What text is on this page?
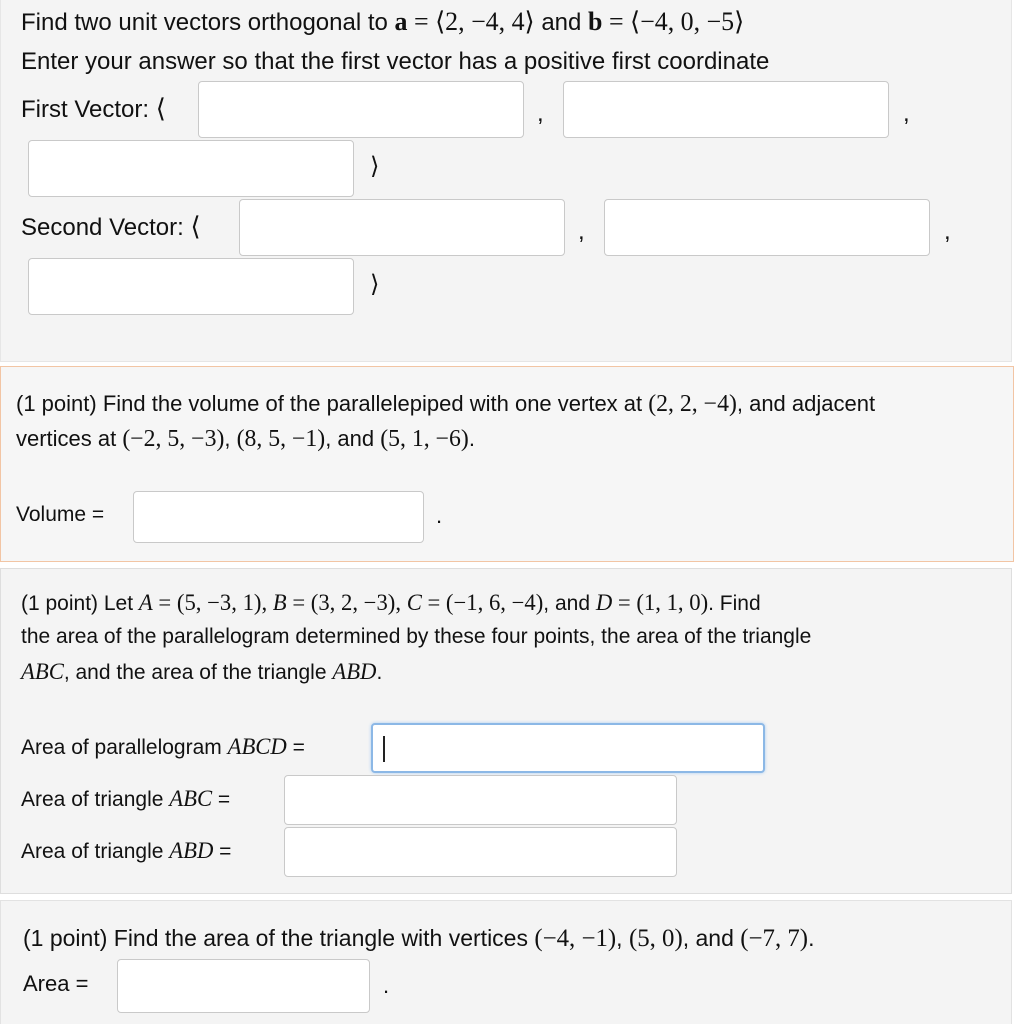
Find two unit vectors orthogonal to a = ⟨2, −4, 4⟩ and b = ⟨−4, 0, −5⟩
Enter your answer so that the first vector has a positive first coordinate
First Vector: ⟨	,	,
⟩
Second Vector: ⟨	,	,
⟩
(1 point) Find the volume of the parallelepiped with one vertex at (2, 2, −4), and adjacent
vertices at (−2, 5, −3), (8, 5, −1), and (5, 1, −6).
Volume =	.
(1 point) Let A = (5, −3, 1), B = (3, 2, −3), C = (−1, 6, −4), and D = (1, 1, 0). Find
the area of the parallelogram determined by these four points, the area of the triangle
ABC, and the area of the triangle ABD.
Area of parallelogram ABCD =
Area of triangle ABC =
Area of triangle ABD =
(1 point) Find the area of the triangle with vertices (−4, −1), (5, 0), and (−7, 7).
Area =	.
